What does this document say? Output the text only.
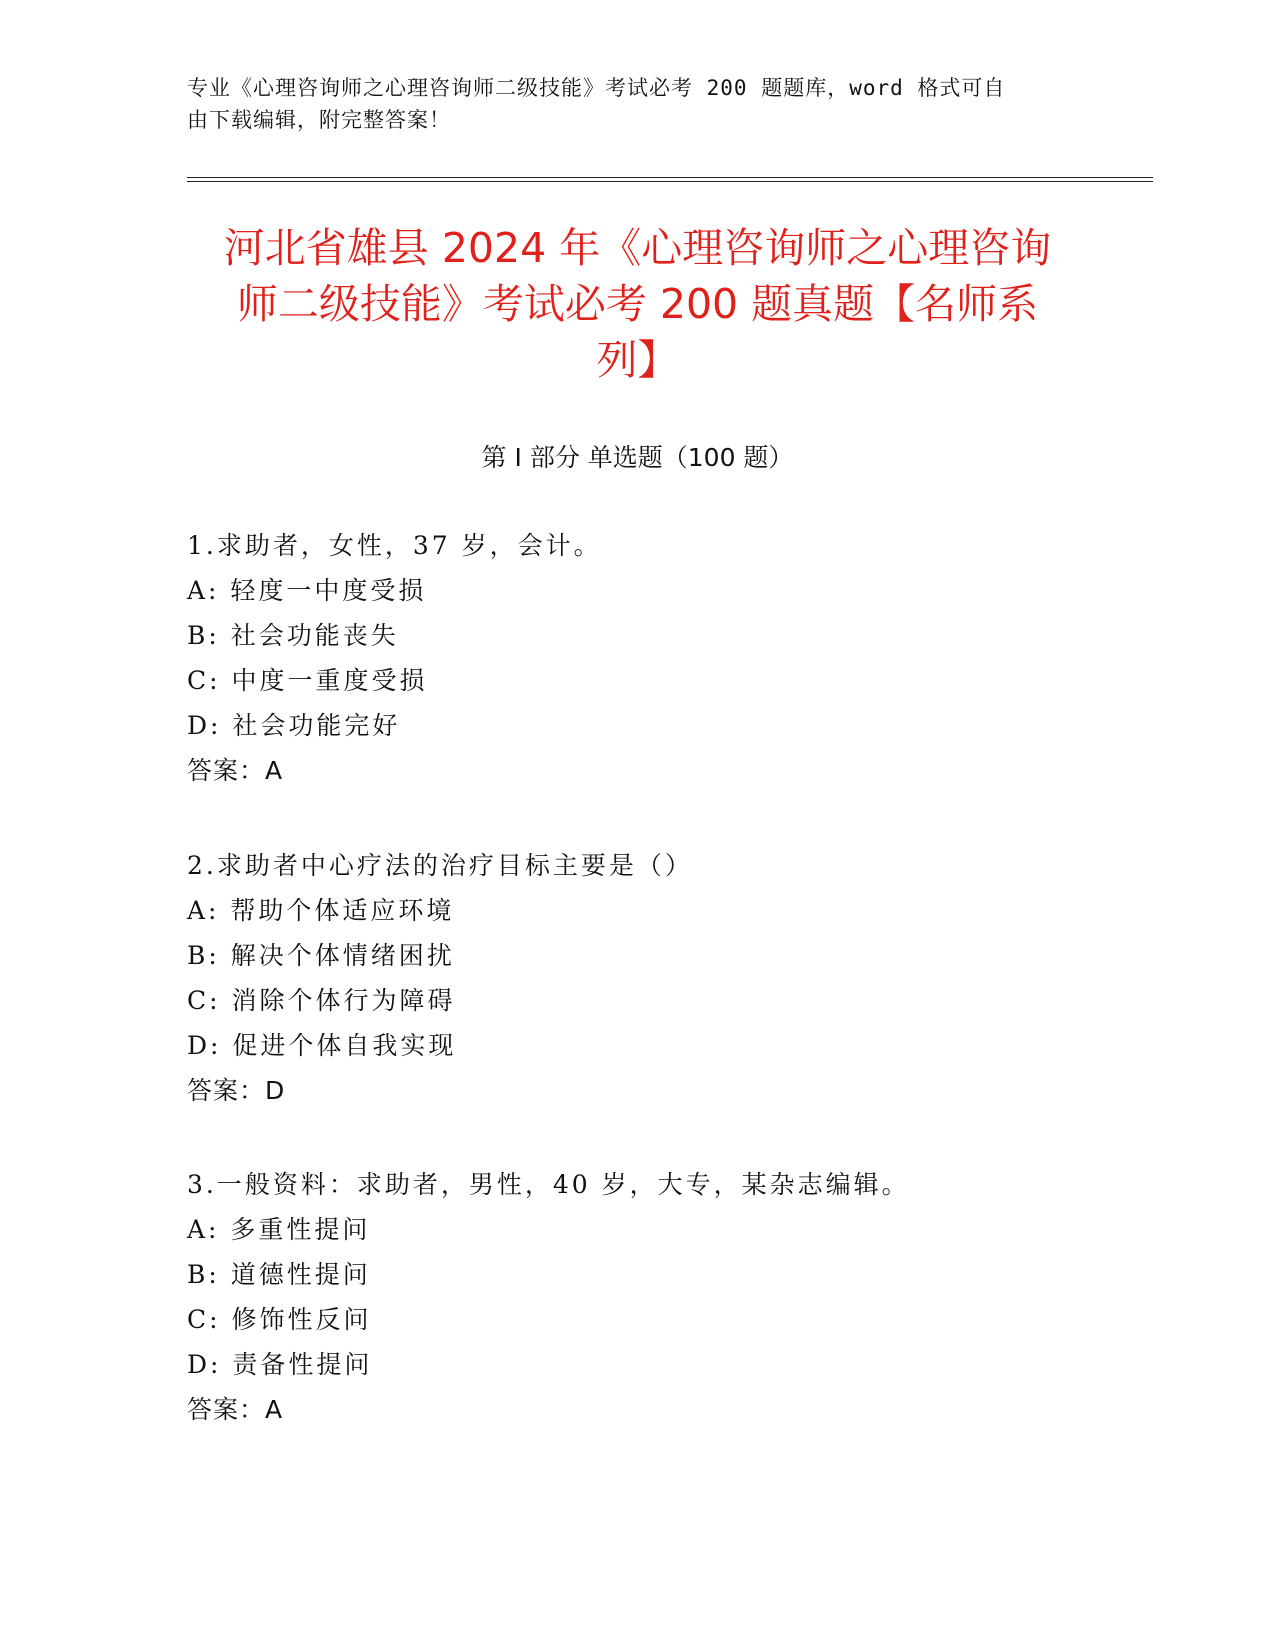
专业《心理咨询师之心理咨询师二级技能》考试必考 200 题题库，word 格式可自
由下载编辑，附完整答案！
河北省雄县 2024 年《心理咨询师之心理咨询
师二级技能》考试必考 200 题真题【名师系
列】
第 I 部分 单选题（100 题）
1.求助者，女性，37 岁，会计。
A: 轻度一中度受损
B: 社会功能丧失
C: 中度一重度受损
D: 社会功能完好
答案：A
2.求助者中心疗法的治疗目标主要是（）
A: 帮助个体适应环境
B: 解决个体情绪困扰
C: 消除个体行为障碍
D: 促进个体自我实现
答案：D
3.一般资料：求助者，男性，40 岁，大专，某杂志编辑。
A: 多重性提问
B: 道德性提问
C: 修饰性反问
D: 责备性提问
答案：A
